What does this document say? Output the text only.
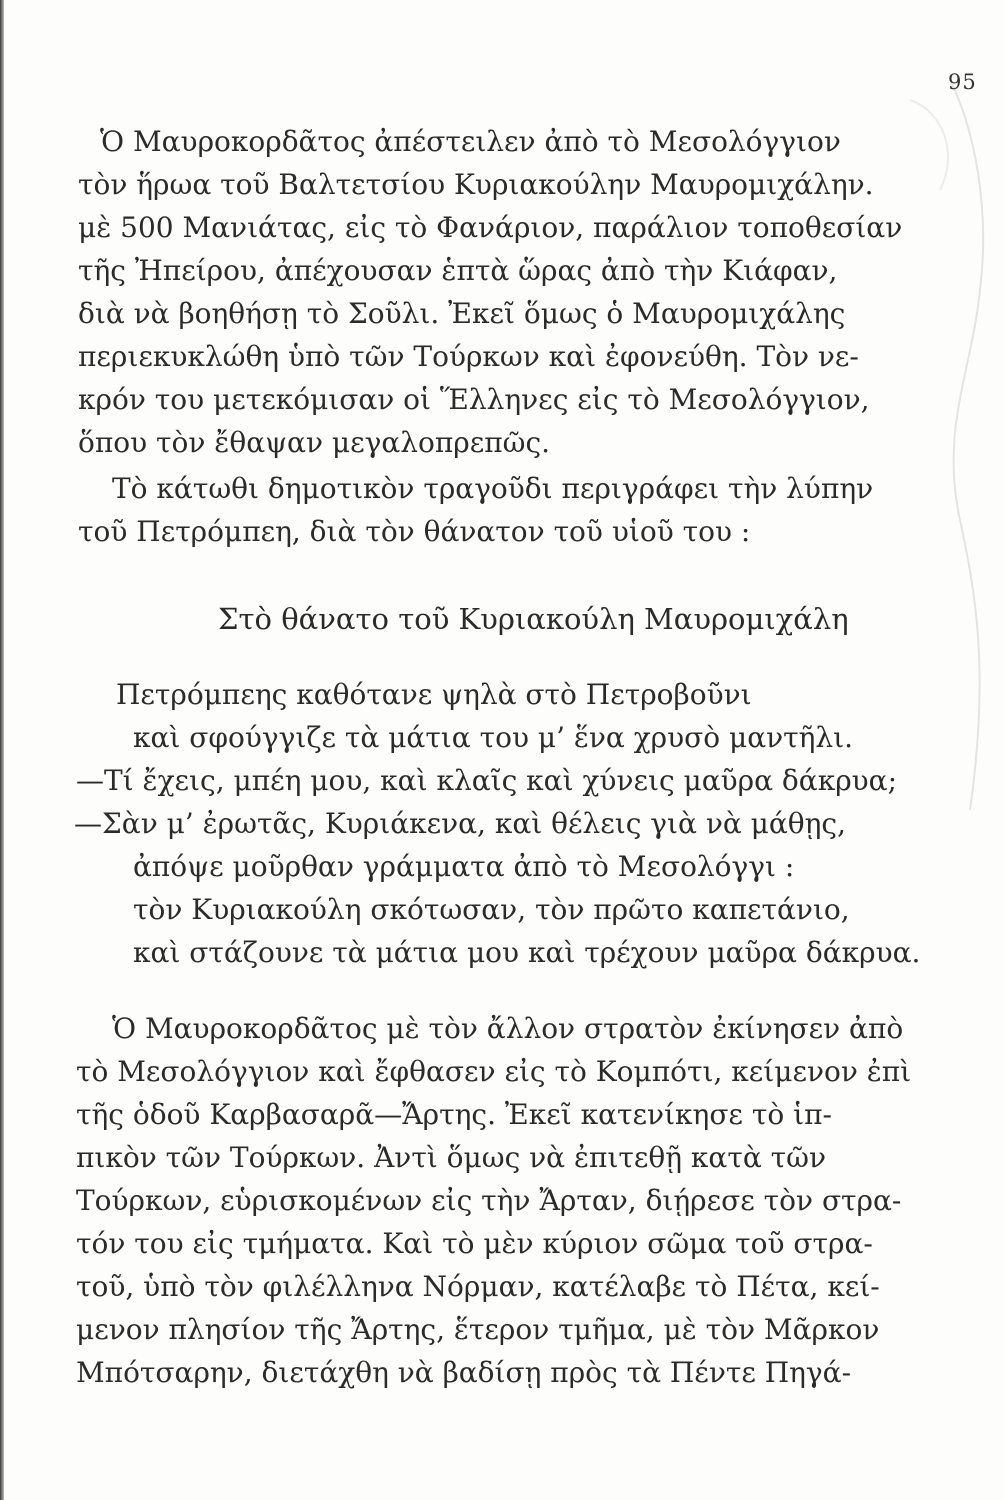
95
Ὁ Μαυροκορδᾶτος ἀπέστειλεν ἀπὸ τὸ Μεσολόγγιον
τὸν ἥρωα τοῦ Βαλτετσίου Κυριακούλην Μαυρομιχάλην.
μὲ 500 Μανιάτας, εἰς τὸ Φανάριον, παράλιον τοποθεσίαν
τῆς Ἠπείρου, ἀπέχουσαν ἑπτὰ ὥρας ἀπὸ τὴν Κιάφαν,
διὰ νὰ βοηθήσῃ τὸ Σοῦλι. Ἐκεῖ ὅμως ὁ Μαυρομιχάλης
περιεκυκλώθη ὑπὸ τῶν Τούρκων καὶ ἐφονεύθη. Τὸν νε-
κρόν του μετεκόμισαν οἱ Ἕλληνες εἰς τὸ Μεσολόγγιον,
ὅπου τὸν ἔθαψαν μεγαλοπρεπῶς.
Τὸ κάτωθι δημοτικὸν τραγοῦδι περιγράφει τὴν λύπην
τοῦ Πετρόμπεη, διὰ τὸν θάνατον τοῦ υἱοῦ του :
Στὸ θάνατο τοῦ Κυριακούλη Μαυρομιχάλη
Πετρόμπεης καθότανε ψηλὰ στὸ Πετροβοῦνι
καὶ σφούγγιζε τὰ μάτια του μ’ ἕνα χρυσὸ μαντῆλι.
—Τί ἔχεις, μπέη μου, καὶ κλαῖς καὶ χύνεις μαῦρα δάκρυα;
—Σὰν μ’ ἐρωτᾶς, Κυριάκενα, καὶ θέλεις γιὰ νὰ μάθῃς,
ἀπόψε μοῦρθαν γράμματα ἀπὸ τὸ Μεσολόγγι :
τὸν Κυριακούλη σκότωσαν, τὸν πρῶτο καπετάνιο,
καὶ στάζουνε τὰ μάτια μου καὶ τρέχουν μαῦρα δάκρυα.
Ὁ Μαυροκορδᾶτος μὲ τὸν ἄλλον στρατὸν ἐκίνησεν ἀπὸ
τὸ Μεσολόγγιον καὶ ἔφθασεν εἰς τὸ Κομπότι, κείμενον ἐπὶ
τῆς ὁδοῦ Καρβασαρᾶ—Ἄρτης. Ἐκεῖ κατενίκησε τὸ ἱπ-
πικὸν τῶν Τούρκων. Ἀντὶ ὅμως νὰ ἐπιτεθῇ κατὰ τῶν
Τούρκων, εὑρισκομένων εἰς τὴν Ἄρταν, διῄρεσε τὸν στρα-
τόν του εἰς τμήματα. Καὶ τὸ μὲν κύριον σῶμα τοῦ στρα-
τοῦ, ὑπὸ τὸν φιλέλληνα Νόρμαν, κατέλαβε τὸ Πέτα, κεί-
μενον πλησίον τῆς Ἄρτης, ἕτερον τμῆμα, μὲ τὸν Μᾶρκον
Μπότσαρην, διετάχθη νὰ βαδίσῃ πρὸς τὰ Πέντε Πηγά-
